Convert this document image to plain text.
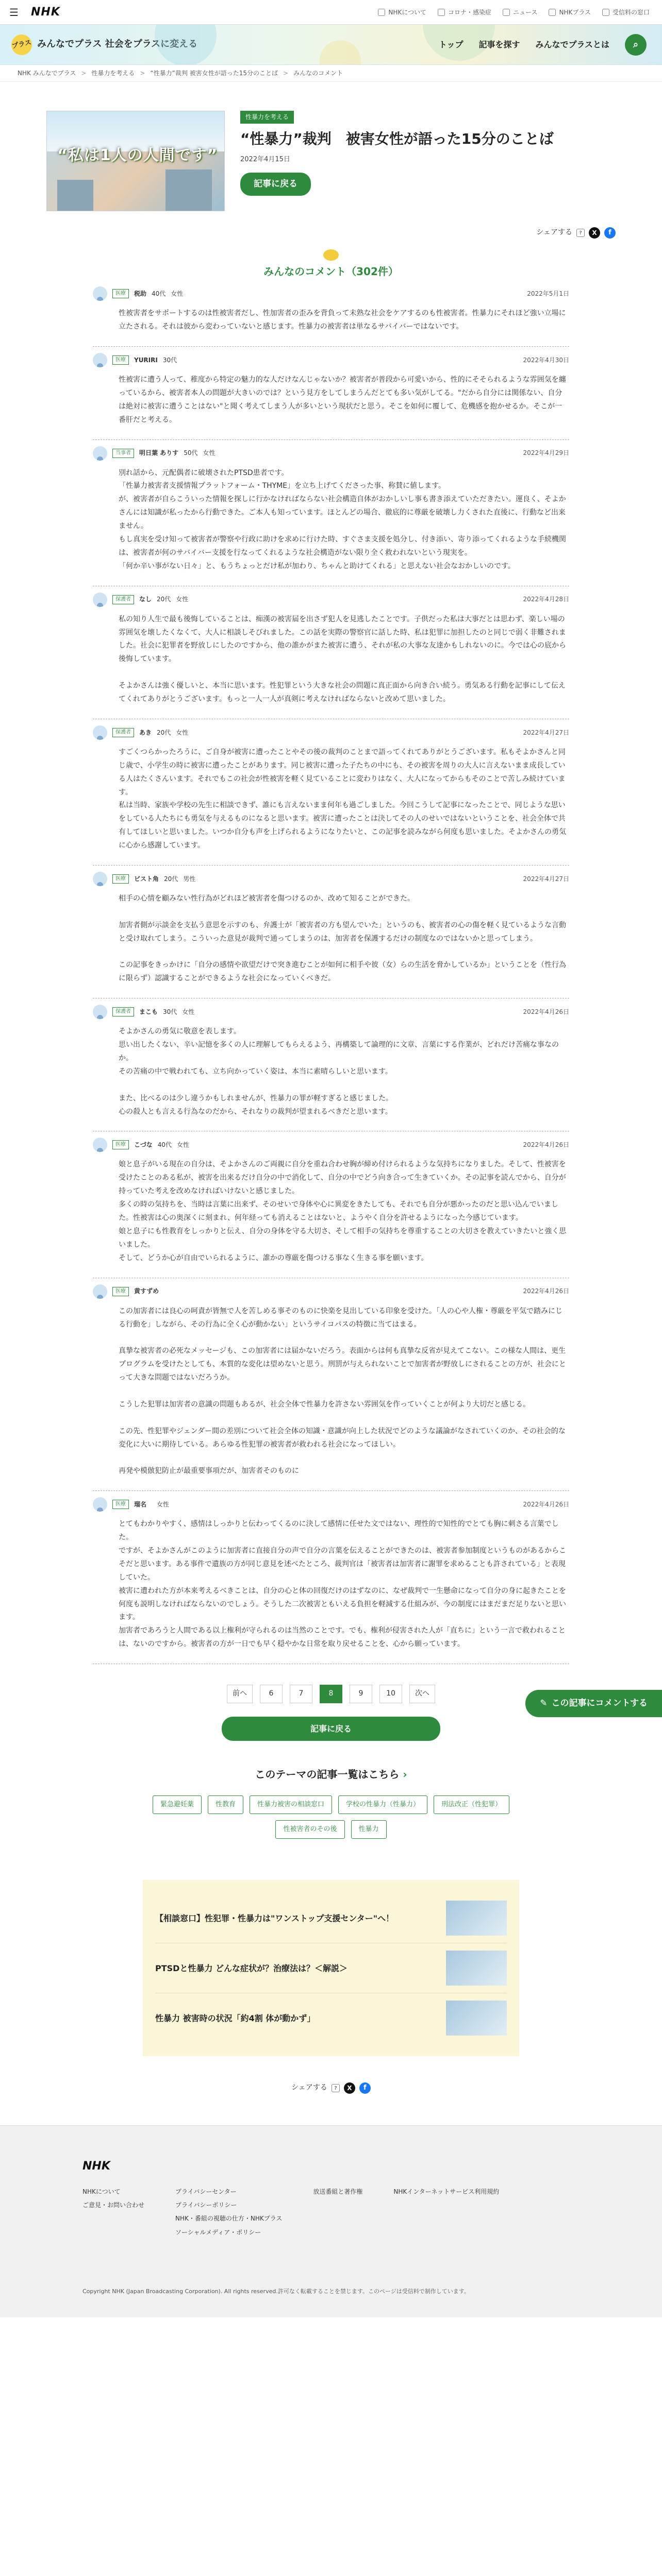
☰	NHK	NHKについて	コロナ・感染症	ニュース	NHKプラス	受信料の窓口
プラス みんなでプラス 社会をプラスに変える	トップ 記事を探す みんなでプラスとは	⌕
NHK みんなでプラス > 性暴力を考える > “性暴力”裁判 被害女性が語った15分のことば > みんなのコメント
“私は1人の人間です”
性暴力を考える
“性暴力”裁判　被害女性が語った15分のことば
2022年4月15日
記事に戻る
シェアする	?	X	f
みんなのコメント（302件）
医療	税助 40代 女性	2022年5月1日
性被害者をサポートするのは性被害者だし、性加害者の歪みを背負って未熟な社会をケアするのも性被害者。性暴力にそれほど強い立場に立たされる。それは彼から変わっていないと感じます。性暴力の被害者は単なるサバイバーではないです。
医療	YURIRI 30代	2022年4月30日
性被害に遭う人って、稚度から特定の魅力的な人だけなんじゃないか？被害者が普段から可愛いから、性的にそそられるような雰囲気を纏っているから、被害者本人の問題が大きいのでは？という見方をしてしまうんだとても多い気がしてる。"だから自分には関係ない、自分は絶対に被害に遭うことはない"と聞く考えてしまう人が多いという現状だと思う。そこを如何に覆して、危機感を抱かせるか。そこが一番肝だと考える。
当事者	明日葉 ありす 50代 女性	2022年4月29日
別れ話から、元配偶者に破壊されたPTSD患者です。
「性暴力被害者支援情報プラットフォーム・THYME」を立ち上げてくださった事、称賛に値します。
が、被害者が自らこういった情報を探しに行かなければならない社会構造自体がおかしいし事も書き添えていただきたい。運良く、そよかさんには知識が私ったから行動できた。ご本人も知っています。ほとんどの場合、徹底的に尊厳を破壊し力くされた直後に、行動など出来ません。
もし真実を受け知って被害者が警察や行政に助けを求めに行けた時、すぐさま支援を処分し、付き添い、寄り添ってくれるような手続機関は、被害者が何のサバイバー支援を行なってくれるような社会構造がない限り全く救われないという現実を。
「何か辛い事がない日々」と、もうちょっとだけ私が加わり、ちゃんと助けてくれる」と思えない社会なおかしいのです。
保護者	なし 20代 女性	2022年4月28日
私の知り人生で最も後悔していることは、痴漢の被害届を出さず犯人を見逃したことです。子供だった私は大事だとは思わず、楽しい場の雰囲気を壊したくなくて、大人に相談しそびれました。この話を実際の警察官に話した時、私は犯罪に加担したのと同じで弱く非難されました。社会に犯罪者を野放しにしたのですから、他の誰かがまた被害に遭う、それが私の大事な友達かもしれないのに。今では心の底から後悔しています。

そよかさんは強く優しいと、本当に思います。性犯罪という大きな社会の問題に真正面から向き合い続う。勇気ある行動を記事にして伝えてくれてありがとうございます。もっと一人一人が真剣に考えなければならないと改めて思いました。
保護者	あき 20代 女性	2022年4月27日
すごくつらかったろうに、ご自身が被害に遭ったことやその後の裁判のことまで語ってくれてありがとうございます。私もそよかさんと同じ歳で、小学生の時に被害に遭ったことがあります。同じ被害に遭った子たちの中にも、その被害を周りの大人に言えないまま成長している人はたくさんいます。それでもこの社会が性被害を軽く見ていることに変わりはなく、大人になってからもそのことで苦しみ続けています。
私は当時、家族や学校の先生に相談できず、誰にも言えないまま何年も過ごしました。今回こうして記事になったことで、同じような思いをしている人たちにも勇気を与えるものになると思います。被害に遭ったことは決してその人のせいではないということを、社会全体で共有してほしいと思いました。いつか自分も声を上げられるようになりたいと、この記事を読みながら何度も思いました。そよかさんの勇気に心から感謝しています。
医療	ビスト角 20代 男性	2022年4月27日
相手の心情を顧みない性行為がどれほど被害者を傷つけるのか、改めて知ることができた。

加害者側が示談金を支払う意思を示すのも、弁護士が「被害者の方も望んでいた」というのも、被害者の心の傷を軽く見ているような言動と受け取れてしまう。こういった意見が裁判で通ってしまうのは、加害者を保護するだけの制度なのではないかと思ってしまう。

この記事をきっかけに「自分の感情や欲望だけで突き進むことが如何に相手や彼（女）らの生活を脅かしているか」ということを（性行為に限らず）認識することができるような社会になっていくべきだ。
保護者	まこも 30代 女性	2022年4月26日
そよかさんの勇気に敬意を表します。
思い出したくない、辛い記憶を多くの人に理解してもらえるよう、再構築して論理的に文章、言葉にする作業が、どれだけ苦痛な事なのか。
その苦痛の中で戦われても、立ち向かっていく姿は、本当に素晴らしいと思います。

また、比べるのは少し違うかもしれませんが、性暴力の罪が軽すぎると感じました。
心の殺人とも言える行為なのだから、それなりの裁判が望まれるべきだと思います。
医療	こづな 40代 女性	2022年4月26日
娘と息子がいる現在の自分は、そよかさんのご両親に自分を重ね合わせ胸が締め付けられるような気持ちになりました。そして、性被害を受けたことのある私が、被害を出来るだけ自分の中で消化して、自分の中でどう向き合って生きていくか。その記事を読んでから、自分が持っていた考えを改めなければいけないと感じました。
多くの時の気持ちを、当時は言葉に出来ず、そのせいで身体や心に異変をきたしても、それでも自分が悪かったのだと思い込んでいました。性被害は心の奥深くに刻まれ、何年経っても消えることはないと、ようやく自分を許せるようになった今感じています。
娘と息子にも性教育をしっかりと伝え、自分の身体を守る大切さ、そして相手の気持ちを尊重することの大切さを教えていきたいと強く思いました。
そして、どうか心が自由でいられるように、誰かの尊厳を傷つける事なく生きる事を願います。
医療	黄すずめ	2022年4月26日
この加害者には良心の呵責が皆無で人を苦しめる事そのものに快楽を見出している印象を受けた。「人の心や人権・尊厳を平気で踏みにじる行動を」しながら、その行為に全く心が動かない」というサイコパスの特徴に当てはまる。

真摯な被害者の必死なメッセージも、この加害者には届かないだろう。表面からは何も真摯な反省が見えてこない。この様な人間は、更生プログラムを受けたとしても、本質的な変化は望めないと思う。刑罰が与えられないことで加害者が野放しにされることの方が、社会にとって大きな問題ではないだろうか。

こうした犯罪は加害者の意識の問題もあるが、社会全体で性暴力を許さない雰囲気を作っていくことが何より大切だと感じる。

この先、性犯罪やジェンダー間の差別について社会全体の知識・意識が向上した状況でどのような議論がなされていくのか、その社会的な変化に大いに期待している。あらゆる性犯罪の被害者が救われる社会になってほしい。

再発や模倣犯防止が最重要事項だが、加害者そのものに
医療	瑠名 女性	2022年4月26日
とてもわかりやすく、感情はしっかりと伝わってくるのに決して感情に任せた文ではない、理性的で知性的でとても胸に刺さる言葉でした。
ですが、そよかさんがこのように加害者に直接自分の声で自分の言葉を伝えることができたのは、被害者参加制度というものがあるからこそだと思います。ある事件で遺族の方が同じ意見を述べたところ、裁判官は「被害者は加害者に謝罪を求めることも許されている」と表現していた。
被害に遭われた方が本来考えるべきことは、自分の心と体の回復だけのはずなのに、なぜ裁判で一生懸命になって自分の身に起きたことを何度も説明しなければならないのでしょう。そうした二次被害ともいえる負担を軽減する仕組みが、今の制度にはまだまだ足りないと思います。
加害者であろうと人間である以上権利が守られるのは当然のことです。でも、権利が侵害された人が「直ちに」という一言で救われることは、ないのですから。被害者の方が一日でも早く穏やかな日常を取り戻せることを、心から願っています。
✎ この記事にコメントする
前へ	6	7	8	9	10	次へ
記事に戻る
このテーマの記事一覧はこちら ›
緊急避妊薬	性教育	性暴力被害の相談窓口	学校の性暴力（性暴力）	刑法改正（性犯罪）
性被害者のその後	性暴力
【相談窓口】性犯罪・性暴力は"ワンストップ支援センター"へ！
PTSDと性暴力 どんな症状が？治療法は？＜解説＞
性暴力 被害時の状況「約4割 体が動かず」
シェアする	?	X	f
NHK
NHKについて
ご意見・お問い合わせ
プライバシーセンター
プライバシーポリシー
NHK・番組の視聴の仕方・NHKプラス
ソーシャルメディア・ポリシー
放送番組と著作権	NHKインターネットサービス利用規約
Copyright NHK (Japan Broadcasting Corporation). All rights reserved.許可なく転載することを禁じます。このページは受信料で制作しています。
